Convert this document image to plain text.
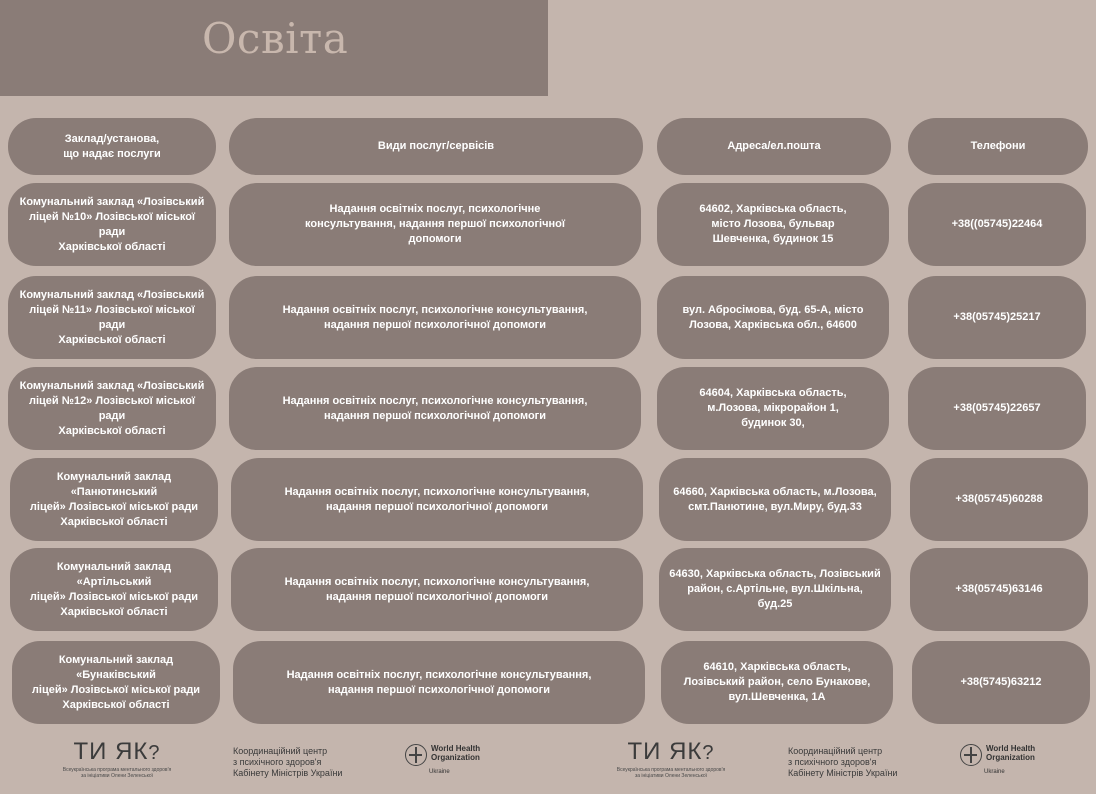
Освіта
Заклад/установа,
що надає послуги
Види послуг/сервісів	Адреса/ел.пошта	Телефони
Комунальний заклад «Лозівський
ліцей №10» Лозівської міської ради
Харківської області
Надання освітніх послуг, психологічне
консультування, надання першої психологічної
допомоги
64602, Харківська область,
місто Лозова, бульвар
Шевченка, будинок 15
+38((05745)22464
Комунальний заклад «Лозівський
ліцей №11» Лозівської міської ради
Харківської області
Надання освітніх послуг, психологічне консультування,
надання першої психологічної допомоги
вул. Абросімова, буд. 65-А, місто
Лозова, Харківська обл., 64600
+38(05745)25217
Комунальний заклад «Лозівський
ліцей №12» Лозівської міської ради
Харківської області
Надання освітніх послуг, психологічне консультування,
надання першої психологічної допомоги
64604, Харківська область,
м.Лозова, мікрорайон 1,
будинок 30,
+38(05745)22657
Комунальний заклад «Панютинський
ліцей» Лозівської міської ради
Харківської області
Надання освітніх послуг, психологічне консультування,
надання першої психологічної допомоги
64660, Харківська область, м.Лозова,
смт.Панютине, вул.Миру, буд.33
+38(05745)60288
Комунальний заклад «Артільський
ліцей» Лозівської міської ради
Харківської області
Надання освітніх послуг, психологічне консультування,
надання першої психологічної допомоги
64630, Харківська область, Лозівський
район, с.Артільне, вул.Шкільна,
буд.25
+38(05745)63146
Комунальний заклад «Бунаківський
ліцей» Лозівської міської ради
Харківської області
Надання освітніх послуг, психологічне консультування,
надання першої психологічної допомоги
64610, Харківська область,
Лозівський район, село Бунакове,
вул.Шевченка, 1А
+38(5745)63212
ТИ ЯК?
Всеукраїнська програма ментального здоров'я
за ініціативи Олени Зеленської
Координаційний центр
з психічного здоров'я
Кабінету Міністрів України
World Health
Organization
Ukraine
ТИ ЯК?
Всеукраїнська програма ментального здоров'я
за ініціативи Олени Зеленської
Координаційний центр
з психічного здоров'я
Кабінету Міністрів України
World Health
Organization
Ukraine
